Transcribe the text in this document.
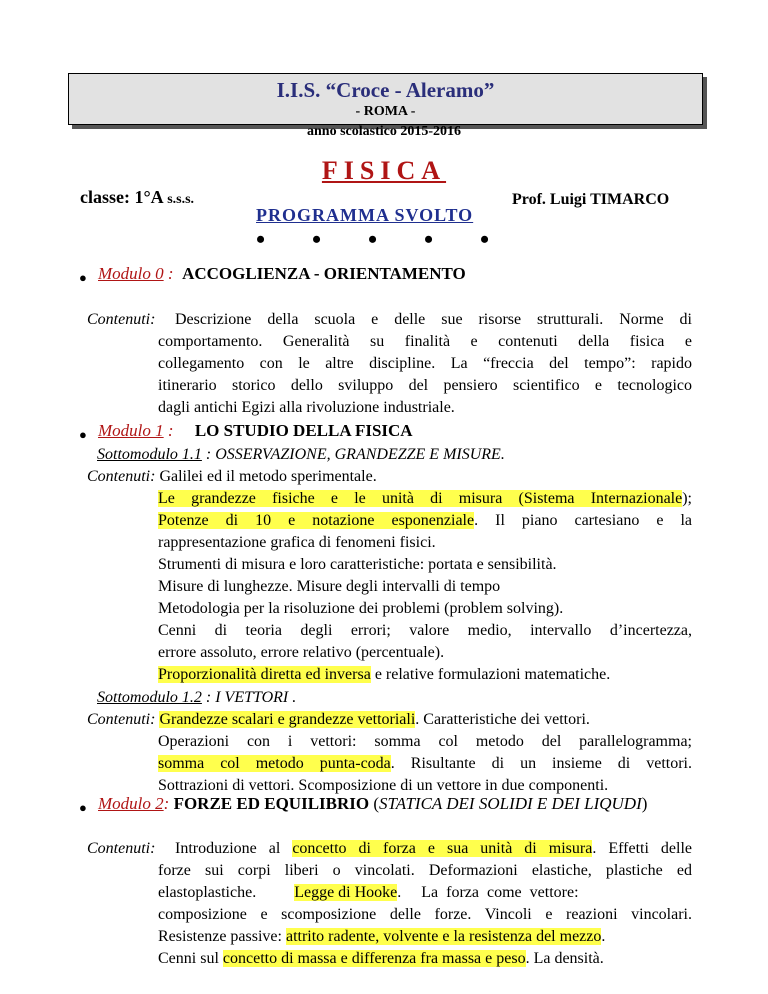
I.I.S. “Croce - Aleramo”
- ROMA -
anno scolastico 2015-2016
FISICA
classe: 1°A s.s.s.	Prof. Luigi TIMARCO
PROGRAMMA SVOLTO
• • • • •
● Modulo 0 : ACCOGLIENZA - ORIENTAMENTO
Contenuti: Descrizione della scuola e delle sue risorse strutturali. Norme di
comportamento. Generalità su finalità e contenuti della fisica e
collegamento con le altre discipline. La “freccia del tempo”: rapido
itinerario storico dello sviluppo del pensiero scientifico e tecnologico
dagli antichi Egizi alla rivoluzione industriale.
● Modulo 1 : LO STUDIO DELLA FISICA
Sottomodulo 1.1 : OSSERVAZIONE, GRANDEZZE E MISURE.
Contenuti: Galilei ed il metodo sperimentale.
Le grandezze fisiche e le unità di misura (Sistema Internazionale);
Potenze di 10 e notazione esponenziale. Il piano cartesiano e la
rappresentazione grafica di fenomeni fisici.
Strumenti di misura e loro caratteristiche: portata e sensibilità.
Misure di lunghezze. Misure degli intervalli di tempo
Metodologia per la risoluzione dei problemi (problem solving).
Cenni di teoria degli errori; valore medio, intervallo d’incertezza,
errore assoluto, errore relativo (percentuale).
Proporzionalità diretta ed inversa e relative formulazioni matematiche.
Sottomodulo 1.2 : I VETTORI .
Contenuti: Grandezze scalari e grandezze vettoriali. Caratteristiche dei vettori.
Operazioni con i vettori: somma col metodo del parallelogramma;
somma col metodo punta-coda. Risultante di un insieme di vettori.
Sottrazioni di vettori. Scomposizione di un vettore in due componenti.
● Modulo 2: FORZE ED EQUILIBRIO (STATICA DEI SOLIDI E DEI LIQUDI)
Contenuti: Introduzione al concetto di forza e sua unità di misura. Effetti delle
forze sui corpi liberi o vincolati. Deformazioni elastiche, plastiche ed
elastoplastiche. Legge di Hooke.     La  forza  come  vettore:
composizione e scomposizione delle forze. Vincoli e reazioni vincolari.
Resistenze passive: attrito radente, volvente e la resistenza del mezzo.
Cenni sul concetto di massa e differenza fra massa e peso. La densità.
